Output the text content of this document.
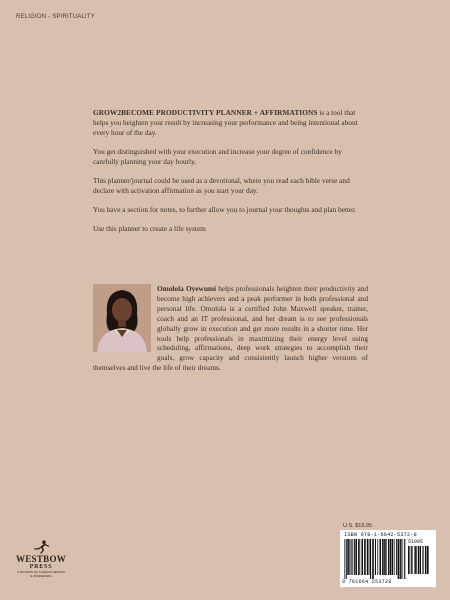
RELIGION - SPIRITUALITY

GROW2BECOME PRODUCTIVITY PLANNER + AFFIRMATIONS is a tool that helps you heighten your result by increasing your performance and being intentional about every hour of the day.

You get distinguished with your execution and increase your degree of confidence by carefully planning your day hourly.

This planner/journal could be used as a devotional, where you read each bible verse and declare with activation affirmation as you start your day.

You have a section for notes, to further allow you to journal your thoughts and plan better.

Use this planner to create a life system

Omolola Oyewumi helps professionals heighten their productivity and become high achievers and a peak performer in both professional and personal life. Omolola is a certified John Maxwell speaker, trainer, coach and an IT professional, and her dream is to see professionals globally grow in execution and get more results in a shorter time. Her tools help professionals in maximizing their energy level using scheduling, affirmations, deep work strategies to accomplish their goals, grow capacity and consistently launch higher versions of themselves and live the life of their dreams.

WESTBOW
PRESS
A DIVISION OF THOMAS NELSON
& ZONDERVAN
U.S. $19.95
ISBN 978-1-6642-5372-8
51995
9 781664 253728
